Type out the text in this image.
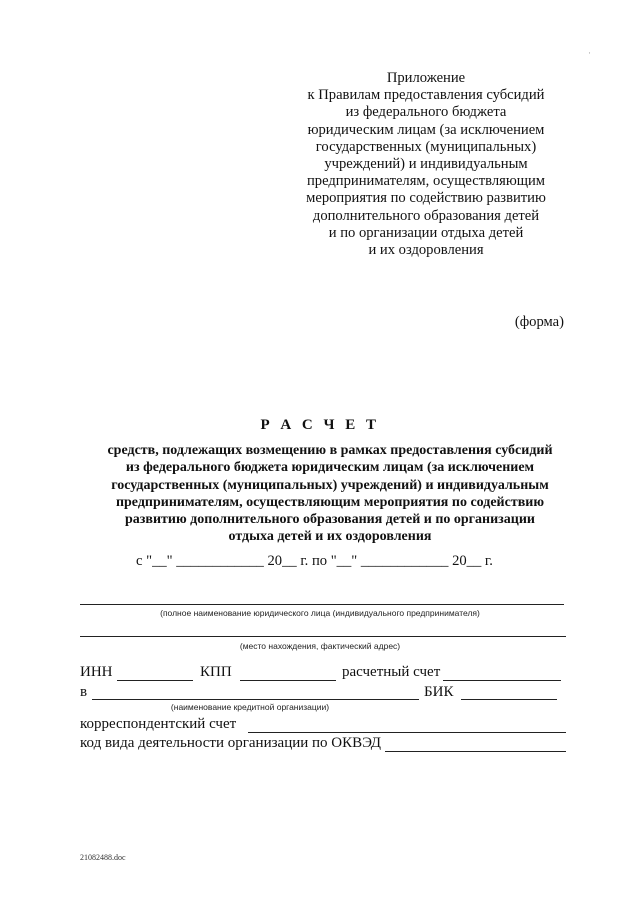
·
Приложение
к Правилам предоставления субсидий
из федерального бюджета
юридическим лицам (за исключением
государственных (муниципальных)
учреждений) и индивидуальным
предпринимателям, осуществляющим
мероприятия по содействию развитию
дополнительного образования детей
и по организации отдыха детей
и их оздоровления
(форма)
Р А С Ч Е Т
средств, подлежащих возмещению в рамках предоставления субсидий
из федерального бюджета юридическим лицам (за исключением
государственных (муниципальных) учреждений) и индивидуальным
предпринимателям, осуществляющим мероприятия по содействию
развитию дополнительного образования детей и по организации
отдыха детей и их оздоровления
с "__" ____________ 20__ г. по "__" ____________ 20__ г.
(полное наименование юридического лица (индивидуального предпринимателя)
(место нахождения, фактический адрес)
ИНН	КПП	расчетный счет
в	БИК
(наименование кредитной организации)
корреспондентский счет
код вида деятельности организации по ОКВЭД
21082488.doc
